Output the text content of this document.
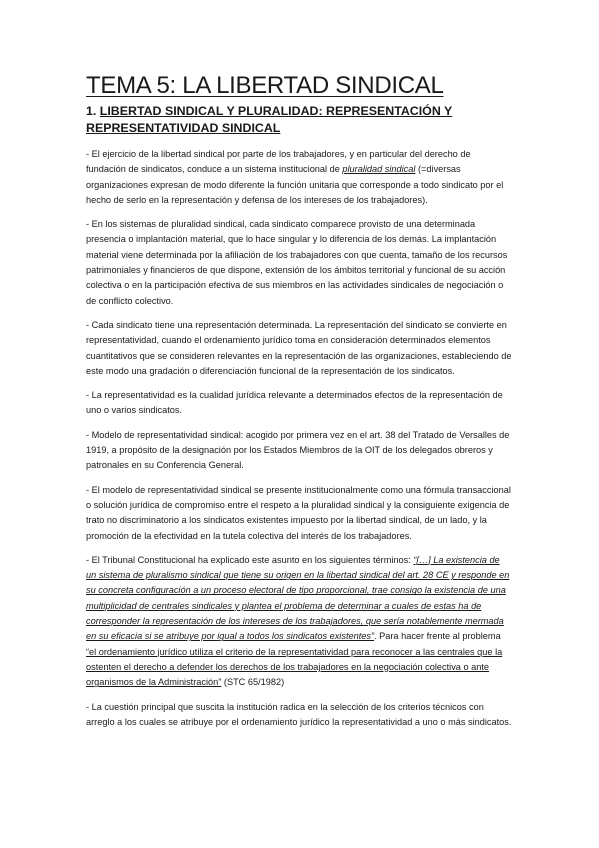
TEMA 5: LA LIBERTAD SINDICAL
1. LIBERTAD SINDICAL Y PLURALIDAD: REPRESENTACIÓN Y REPRESENTATIVIDAD SINDICAL

- El ejercicio de la libertad sindical por parte de los trabajadores, y en particular del derecho de fundación de sindicatos, conduce a un sistema institucional de pluralidad sindical (=diversas organizaciones expresan de modo diferente la función unitaria que corresponde a todo sindicato por el hecho de serlo en la representación y defensa de los intereses de los trabajadores).

- En los sistemas de pluralidad sindical, cada sindicato comparece provisto de una determinada presencia o implantación material, que lo hace singular y lo diferencia de los demás. La implantación material viene determinada por la afiliación de los trabajadores con que cuenta, tamaño de los recursos patrimoniales y financieros de que dispone, extensión de los ámbitos territorial y funcional de su acción colectiva o en la participación efectiva de sus miembros en las actividades sindicales de negociación o de conflicto colectivo.

- Cada sindicato tiene una representación determinada. La representación del sindicato se convierte en representatividad, cuando el ordenamiento jurídico toma en consideración determinados elementos cuantitativos que se consideren relevantes en la representación de las organizaciones, estableciendo de este modo una gradación o diferenciación funcional de la representación de los sindicatos.

- La representatividad es la cualidad jurídica relevante a determinados efectos de la representación de uno o varios sindicatos.

- Modelo de representatividad sindical: acogido por primera vez en el art. 38 del Tratado de Versalles de 1919, a propósito de la designación por los Estados Miembros de la OIT de los delegados obreros y patronales en su Conferencia General.

- El modelo de representatividad sindical se presente institucionalmente como una fórmula transaccional o solución jurídica de compromiso entre el respeto a la pluralidad sindical y la consiguiente exigencia de trato no discriminatorio a los sindicatos existentes impuesto por la libertad sindical, de un lado, y la promoción de la efectividad en la tutela colectiva del interés de los trabajadores.

- El Tribunal Constitucional ha explicado este asunto en los siguientes términos: “[…] La existencia de un sistema de pluralismo sindical que tiene su origen en la libertad sindical del art. 28 CE y responde en su concreta configuración a un proceso electoral de tipo proporcional, trae consigo la existencia de una multiplicidad de centrales sindicales y plantea el problema de determinar a cuales de estas ha de corresponder la representación de los intereses de los trabajadores, que sería notablemente mermada en su eficacia si se atribuye por igual a todos los sindicatos existentes”. Para hacer frente al problema “el ordenamiento jurídico utiliza el criterio de la representatividad para reconocer a las centrales que la ostenten el derecho a defender los derechos de los trabajadores en la negociación colectiva o ante organismos de la Administración” (STC 65/1982)

- La cuestión principal que suscita la institución radica en la selección de los criterios técnicos con arreglo a los cuales se atribuye por el ordenamiento jurídico la representatividad a uno o más sindicatos.
